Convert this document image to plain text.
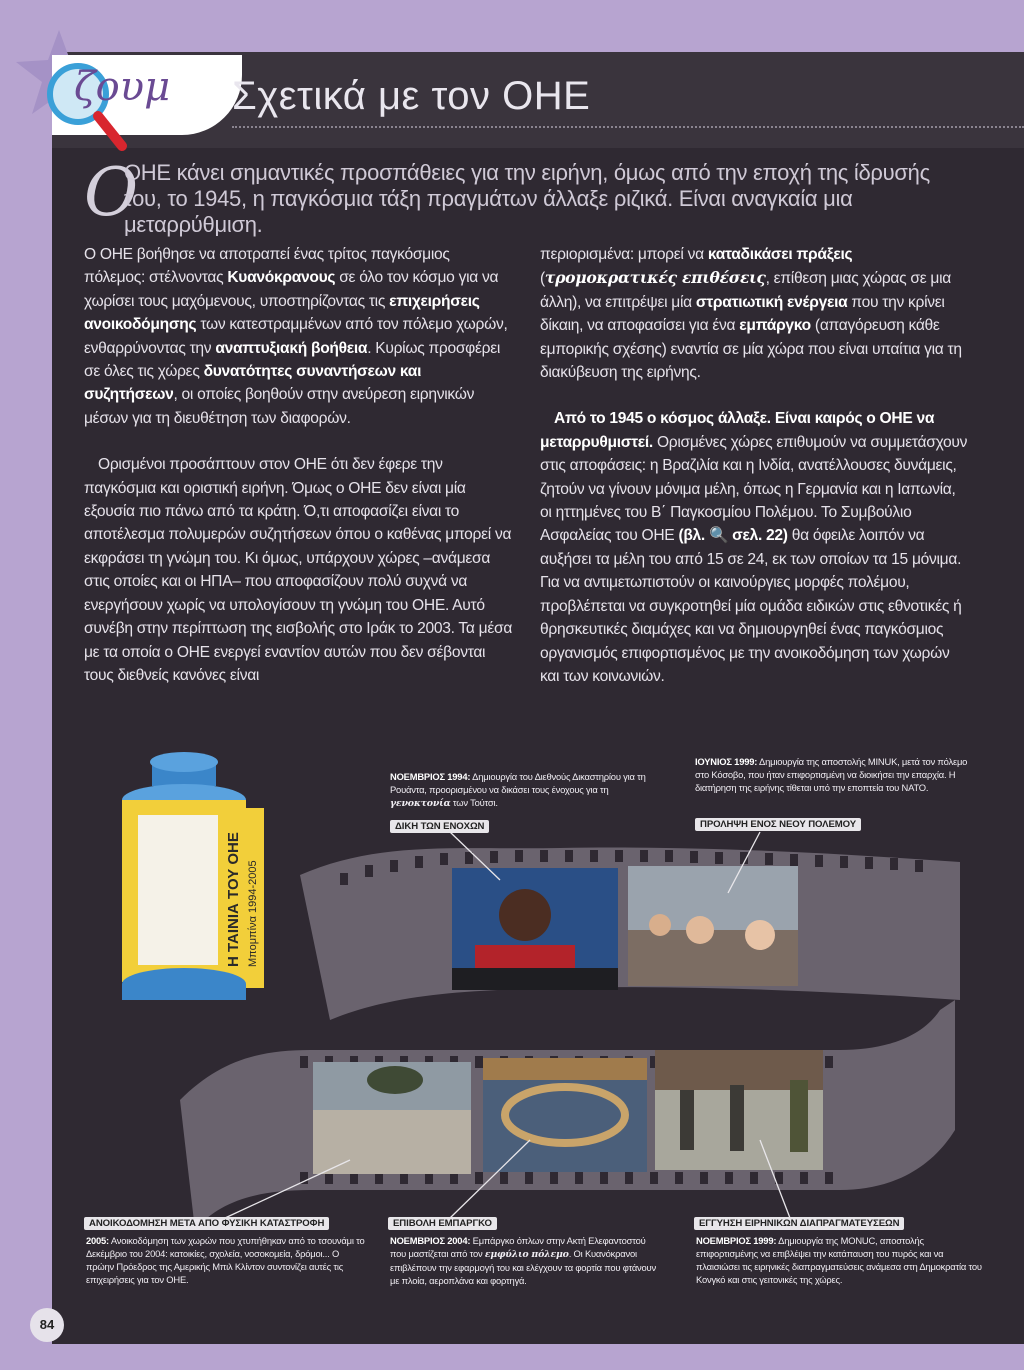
ζουμ Σχετικά με τον ΟΗΕ
Ο
ΟΗΕ κάνει σημαντικές προσπάθειες για την ειρήνη, όμως από την εποχή της ίδρυσής του, το 1945, η παγκόσμια τάξη πραγμάτων άλλαξε ριζικά. Είναι αναγκαία μια μεταρρύθμιση.

Ο ΟΗΕ βοήθησε να αποτραπεί ένας τρίτος παγκόσμιος πόλεμος: στέλνοντας Κυανόκρανους σε όλο τον κόσμο για να χωρίσει τους μαχόμενους, υποστηρίζοντας τις επιχειρήσεις ανοικοδόμησης των κατεστραμμένων από τον πόλεμο χωρών, ενθαρρύνοντας την αναπτυξιακή βοήθεια. Κυρίως προσφέρει σε όλες τις χώρες δυνατότητες συναντήσεων και συζητήσεων, οι οποίες βοηθούν στην ανεύρεση ειρηνικών μέσων για τη διευθέτηση των διαφορών.

Ορισμένοι προσάπτουν στον ΟΗΕ ότι δεν έφερε την παγκόσμια και οριστική ειρήνη. Όμως ο ΟΗΕ δεν είναι μία εξουσία πιο πάνω από τα κράτη. Ό,τι αποφασίζει είναι το αποτέλεσμα πολυμερών συζητήσεων όπου ο καθένας μπορεί να εκφράσει τη γνώμη του. Κι όμως, υπάρχουν χώρες –ανάμεσα στις οποίες και οι ΗΠΑ– που αποφασίζουν πολύ συχνά να ενεργήσουν χωρίς να υπολογίσουν τη γνώμη του ΟΗΕ. Αυτό συνέβη στην περίπτωση της εισβολής στο Ιράκ το 2003. Τα μέσα με τα οποία ο ΟΗΕ ενεργεί εναντίον αυτών που δεν σέβονται τους διεθνείς κανόνες είναι

περιορισμένα: μπορεί να καταδικάσει πράξεις (τρομοκρατικές επιθέσεις, επίθεση μιας χώρας σε μια άλλη), να επιτρέψει μία στρατιωτική ενέργεια που την κρίνει δίκαιη, να αποφασίσει για ένα εμπάργκο (απαγόρευση κάθε εμπορικής σχέσης) εναντία σε μία χώρα που είναι υπαίτια για τη διακύβευση της ειρήνης.

Από το 1945 ο κόσμος άλλαξε. Είναι καιρός ο ΟΗΕ να μεταρρυθμιστεί. Ορισμένες χώρες επιθυμούν να συμμετάσχουν στις αποφάσεις: η Βραζιλία και η Ινδία, ανατέλλουσες δυνάμεις, ζητούν να γίνουν μόνιμα μέλη, όπως η Γερμανία και η Ιαπωνία, οι ηττημένες του Β΄ Παγκοσμίου Πολέμου. Το Συμβούλιο Ασφαλείας του ΟΗΕ (βλ. 🔍 σελ. 22) θα όφειλε λοιπόν να αυξήσει τα μέλη του από 15 σε 24, εκ των οποίων τα 15 μόνιμα. Για να αντιμετωπιστούν οι καινούργιες μορφές πολέμου, προβλέπεται να συγκροτηθεί μία ομάδα ειδικών στις εθνοτικές ή θρησκευτικές διαμάχες και να δημιουργηθεί ένας παγκόσμιος οργανισμός επιφορτισμένος με την ανοικοδόμηση των χωρών και των κοινωνιών.

Η ΤΑΙΝΙΑ ΤΟΥ ΟΗΕ Μπομπίνα 1994-2005
ΝΟΕΜΒΡΙΟΣ 1994: Δημιουργία του Διεθνούς Δικαστηρίου για τη Ρουάντα, προορισμένου να δικάσει τους ένοχους για τη γενοκτονία των Τούτσι.
ΔΙΚΗ ΤΩΝ ΕΝΟΧΩΝ
ΙΟΥΝΙΟΣ 1999: Δημιουργία της αποστολής MINUK, μετά τον πόλεμο στο Κόσοβο, που ήταν επιφορτισμένη να διοικήσει την επαρχία. Η διατήρηση της ειρήνης τίθεται υπό την εποπτεία του ΝΑΤΟ.
ΠΡΟΛΗΨΗ ΕΝΟΣ ΝΕΟΥ ΠΟΛΕΜΟΥ
ΑΝΟΙΚΟΔΟΜΗΣΗ ΜΕΤΑ ΑΠΟ ΦΥΣΙΚΗ ΚΑΤΑΣΤΡΟΦΗ
2005: Ανοικοδόμηση των χωρών που χτυπήθηκαν από το τσουνάμι το Δεκέμβριο του 2004: κατοικίες, σχολεία, νοσοκομεία, δρόμοι... Ο πρώην Πρόεδρος της Αμερικής Μπιλ Κλίντον συντονίζει αυτές τις επιχειρήσεις για τον ΟΗΕ.
ΕΠΙΒΟΛΗ ΕΜΠΑΡΓΚΟ
ΝΟΕΜΒΡΙΟΣ 2004: Εμπάργκο όπλων στην Ακτή Ελεφαντοστού που μαστίζεται από τον εμφύλιο πόλεμο. Οι Κυανόκρανοι επιβλέπουν την εφαρμογή του και ελέγχουν τα φορτία που φτάνουν με πλοία, αεροπλάνα και φορτηγά.
ΕΓΓΥΗΣΗ ΕΙΡΗΝΙΚΩΝ ΔΙΑΠΡΑΓΜΑΤΕΥΣΕΩΝ
ΝΟΕΜΒΡΙΟΣ 1999: Δημιουργία της MONUC, αποστολής επιφορτισμένης να επιβλέψει την κατάπαυση του πυρός και να πλαισιώσει τις ειρηνικές διαπραγματεύσεις ανάμεσα στη Δημοκρατία του Κονγκό και στις γειτονικές της χώρες.
84
